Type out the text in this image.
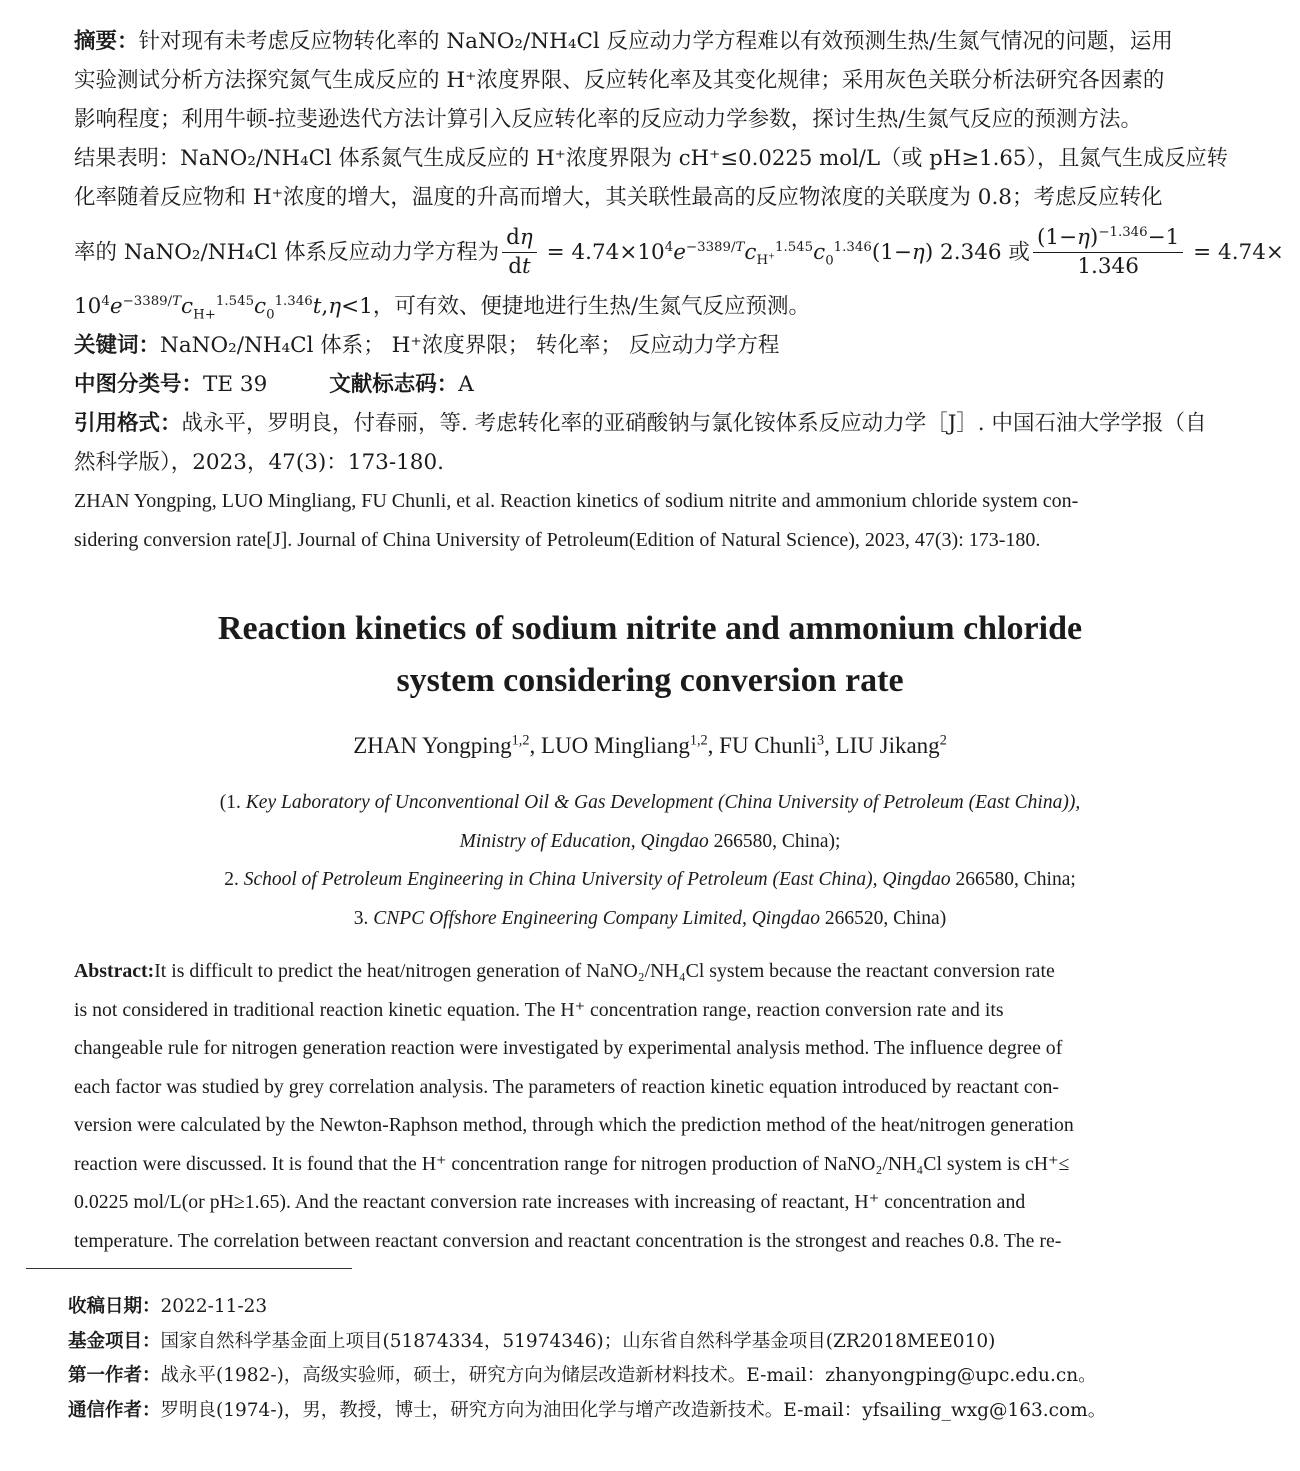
摘要：针对现有未考虑反应物转化率的 NaNO₂/NH₄Cl 反应动力学方程难以有效预测生热/生氮气情况的问题，运用
实验测试分析方法探究氮气生成反应的 H⁺浓度界限、反应转化率及其变化规律；采用灰色关联分析法研究各因素的
影响程度；利用牛顿-拉斐逊迭代方法计算引入反应转化率的反应动力学参数，探讨生热/生氮气反应的预测方法。
结果表明：NaNO₂/NH₄Cl 体系氮气生成反应的 H⁺浓度界限为 cH⁺≤0.0225 mol/L（或 pH≥1.65），且氮气生成反应转
化率随着反应物和 H⁺浓度的增大，温度的升高而增大，其关联性最高的反应物浓度的关联度为 0.8；考虑反应转化
率的 NaNO₂/NH₄Cl 体系反应动力学方程为 $\frac{d\eta}{dt} = 4.74\times 10^4e^{-3389/T}c_{H^+}^{1.545}c_0^{1.346}(1-\eta)$ 2.346 或 $\frac{(1-\eta)^{-1.346}-1}{1.346} = 4.74\times$
$10^4e^{-3389/T}c_{H+}^{1.545}c_0^{1.346}t,\eta<1$，可有效、便捷地进行生热/生氮气反应预测。
关键词：NaNO₂/NH₄Cl 体系； H⁺浓度界限； 转化率； 反应动力学方程
中图分类号：TE 39	文献标志码：A
引用格式：战永平，罗明良，付春丽，等. 考虑转化率的亚硝酸钠与氯化铵体系反应动力学［J］. 中国石油大学学报（自
然科学版），2023，47(3)：173-180.
ZHAN Yongping, LUO Mingliang, FU Chunli, et al. Reaction kinetics of sodium nitrite and ammonium chloride system con-
sidering conversion rate[J]. Journal of China University of Petroleum(Edition of Natural Science), 2023, 47(3): 173-180.
Reaction kinetics of sodium nitrite and ammonium chloride
system considering conversion rate
ZHAN Yongping$^{1,2}$, LUO Mingliang$^{1,2}$, FU Chunli$^3$, LIU Jikang$^2$
(1. Key Laboratory of Unconventional Oil & Gas Development (China University of Petroleum (East China)),
Ministry of Education, Qingdao 266580, China);
2. School of Petroleum Engineering in China University of Petroleum (East China), Qingdao 266580, China;
3. CNPC Offshore Engineering Company Limited, Qingdao 266520, China)
Abstract: It is difficult to predict the heat/nitrogen generation of NaNO₂/NH₄Cl system because the reactant conversion rate
is not considered in traditional reaction kinetic equation. The H⁺ concentration range, reaction conversion rate and its
changeable rule for nitrogen generation reaction were investigated by experimental analysis method. The influence degree of
each factor was studied by grey correlation analysis. The parameters of reaction kinetic equation introduced by reactant con-
version were calculated by the Newton-Raphson method, through which the prediction method of the heat/nitrogen generation
reaction were discussed. It is found that the H⁺ concentration range for nitrogen production of NaNO₂/NH₄Cl system is cH⁺≤
0.0225 mol/L(or pH≥1.65). And the reactant conversion rate increases with increasing of reactant, H⁺ concentration and
temperature. The correlation between reactant conversion and reactant concentration is the strongest and reaches 0.8. The re-
收稿日期：2022-11-23
基金项目：国家自然科学基金面上项目(51874334，51974346)；山东省自然科学基金项目(ZR2018MEE010)
第一作者：战永平(1982-)，高级实验师，硕士，研究方向为储层改造新材料技术。E-mail：zhanyongping@upc.edu.cn。
通信作者：罗明良(1974-)，男，教授，博士，研究方向为油田化学与增产改造新技术。E-mail：yfsailing_wxg@163.com。
